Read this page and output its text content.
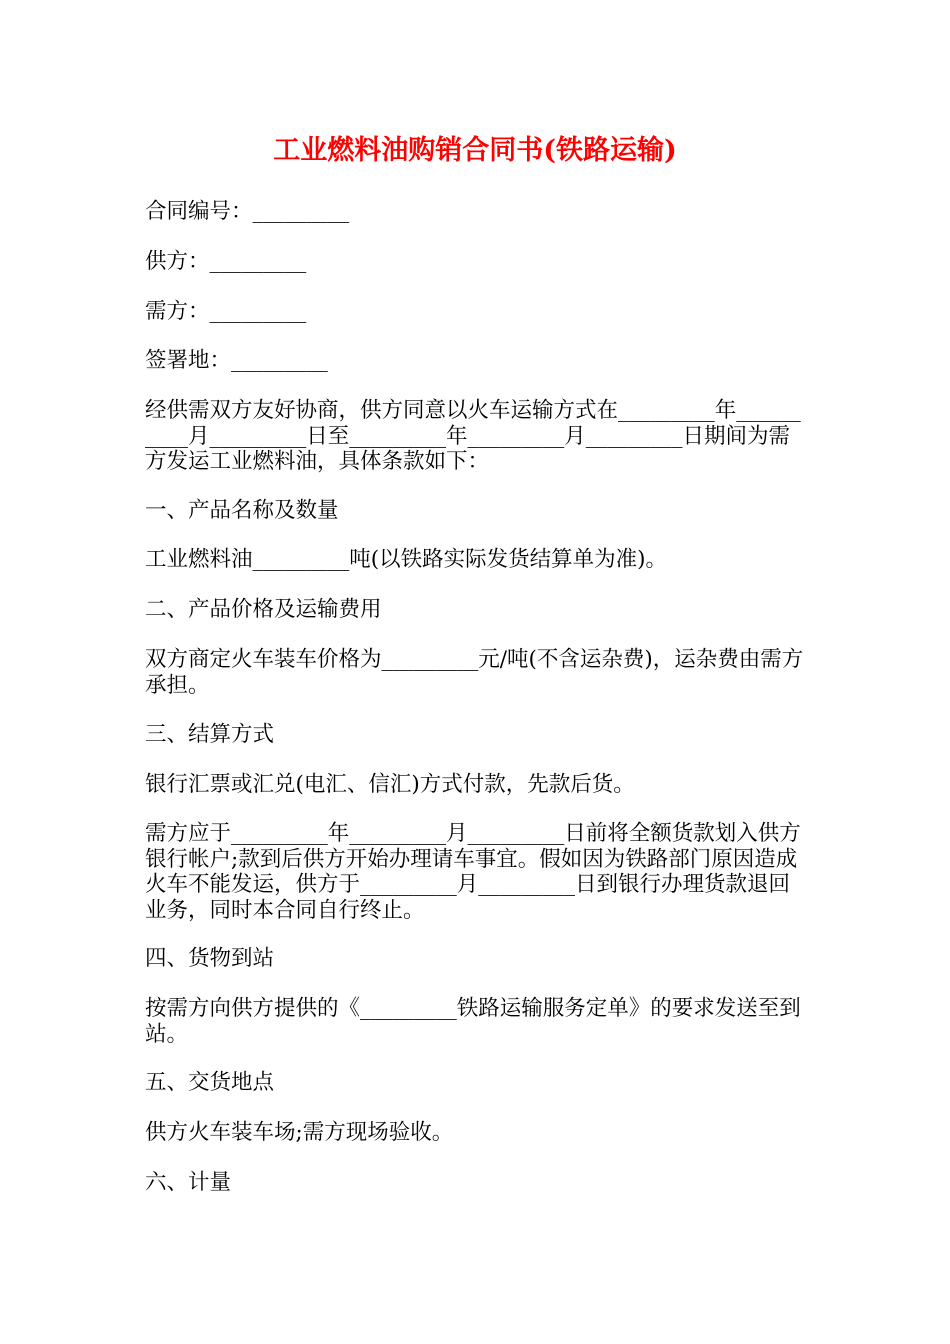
工业燃料油购销合同书(铁路运输)

合同编号：_________

供方：_________

需方：_________

签署地：_________

经供需双方友好协商，供方同意以火车运输方式在_________年__________月_________日至_________年_________月_________日期间为需方发运工业燃料油，具体条款如下：

一、产品名称及数量

工业燃料油_________吨(以铁路实际发货结算单为准)。

二、产品价格及运输费用

双方商定火车装车价格为_________元/吨(不含运杂费)，运杂费由需方承担。

三、结算方式

银行汇票或汇兑(电汇、信汇)方式付款，先款后货。

需方应于_________年_________月_________日前将全额货款划入供方银行帐户;款到后供方开始办理请车事宜。假如因为铁路部门原因造成火车不能发运，供方于_________月_________日到银行办理货款退回业务，同时本合同自行终止。

四、货物到站

按需方向供方提供的《_________铁路运输服务定单》的要求发送至到站。

五、交货地点

供方火车装车场;需方现场验收。

六、计量
